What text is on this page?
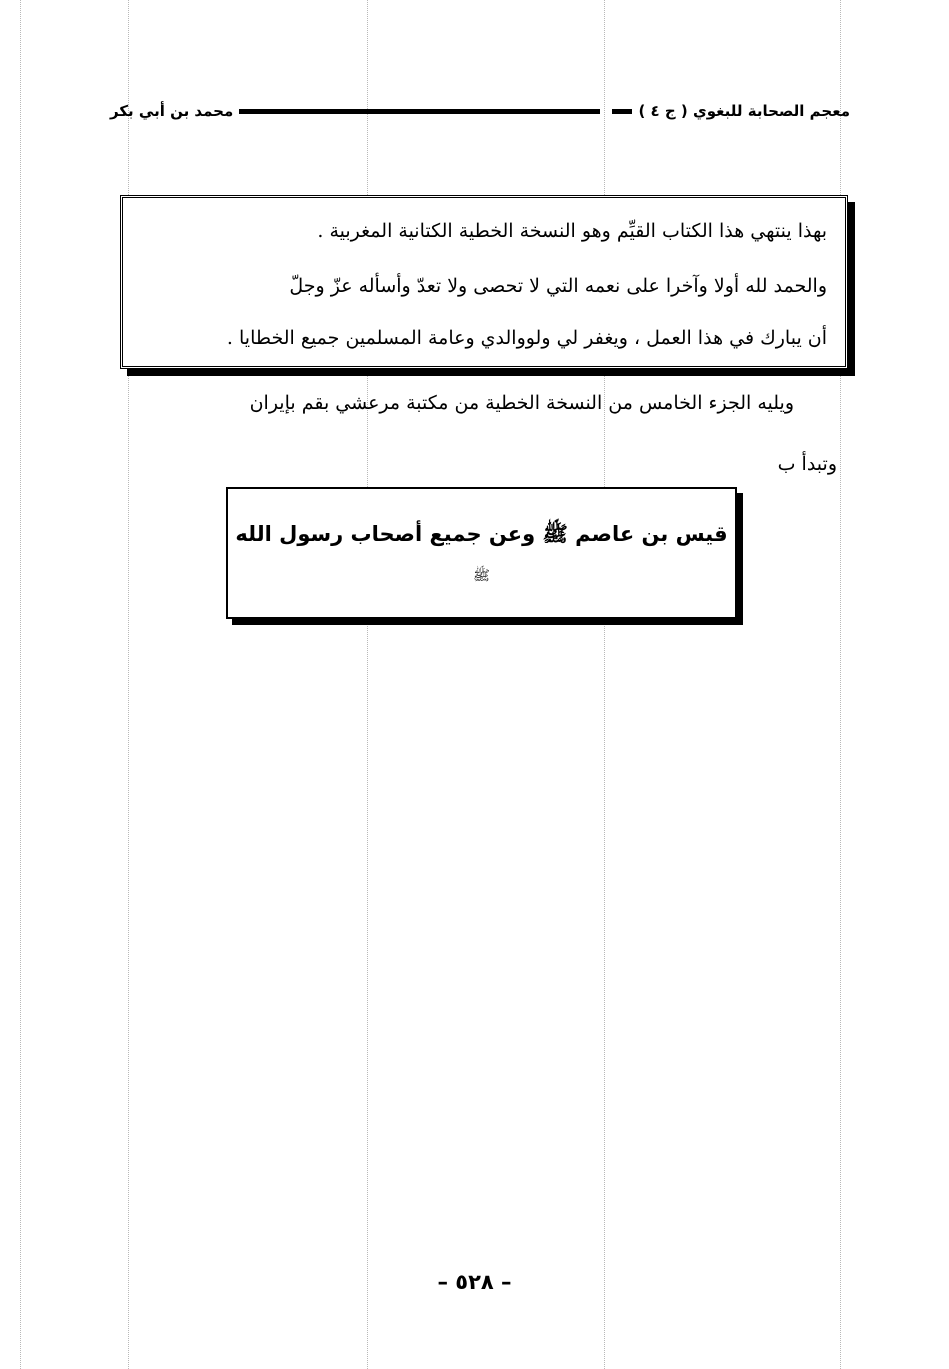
معجم الصحابة للبغوي ( ج ٤ )
محمد بن أبي بكر
بهذا ينتهي هذا الكتاب القيِّم وهو النسخة الخطية الكتانية المغربية .
والحمد لله أولا وآخرا على نعمه التي لا تحصى ولا تعدّ وأسأله عزّ وجلّ
أن يبارك في هذا العمل ، ويغفر لي ولووالدي وعامة المسلمين جميع الخطايا .
ويليه الجزء الخامس من النسخة الخطية من مكتبة مرعشي بقم بإيران
وتبدأ ب
قيس بن عاصم ﷺ وعن جميع أصحاب رسول الله
ﷺ
– ٥٢٨ –
